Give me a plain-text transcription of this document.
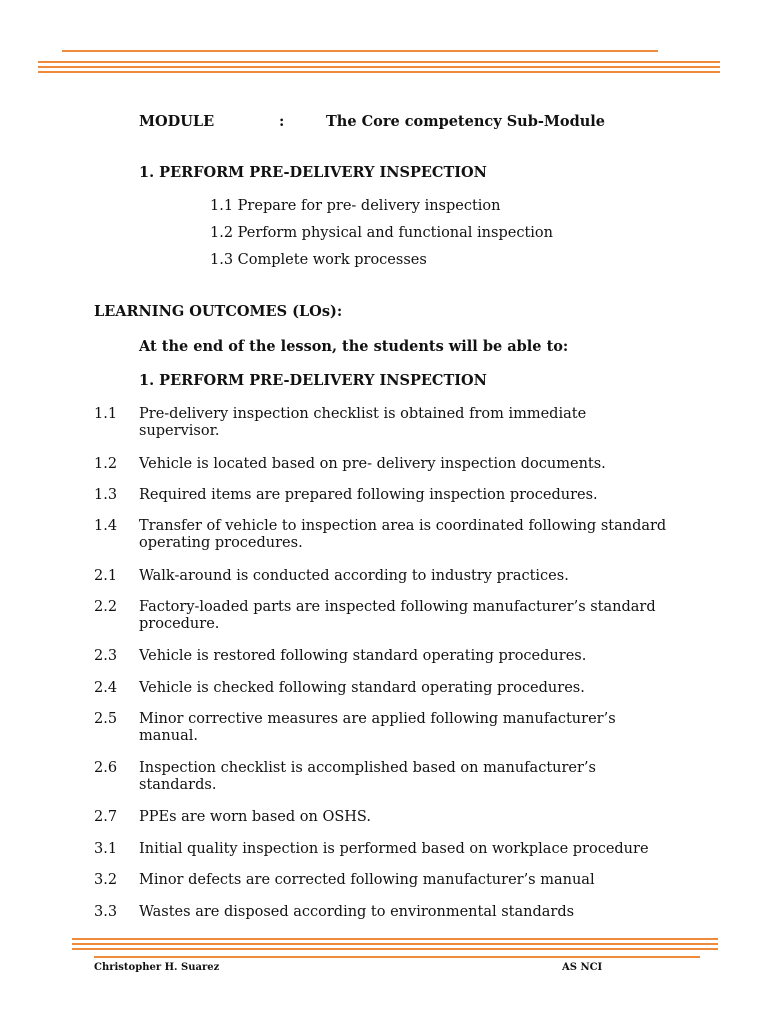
MODULE	:	The Core competency Sub-Module
1. PERFORM PRE-DELIVERY INSPECTION
1.1 Prepare for pre- delivery inspection
1.2 Perform physical and functional inspection
1.3 Complete work processes
LEARNING OUTCOMES (LOs):
At the end of the lesson, the students will be able to:
1. PERFORM PRE-DELIVERY INSPECTION
1.1 Pre-delivery inspection checklist is obtained from immediate supervisor.
1.2 Vehicle is located based on pre- delivery inspection documents.
1.3 Required items are prepared following inspection procedures.
1.4 Transfer of vehicle to inspection area is coordinated following standard operating procedures.
2.1 Walk-around is conducted according to industry practices.
2.2 Factory-loaded parts are inspected following manufacturer’s standard procedure.
2.3 Vehicle is restored following standard operating procedures.
2.4 Vehicle is checked following standard operating procedures.
2.5 Minor corrective measures are applied following manufacturer’s manual.
2.6 Inspection checklist is accomplished based on manufacturer’s standards.
2.7 PPEs are worn based on OSHS.
3.1 Initial quality inspection is performed based on workplace procedure
3.2 Minor defects are corrected following manufacturer’s manual
3.3 Wastes are disposed according to environmental standards
Christopher H. Suarez	AS NCI
